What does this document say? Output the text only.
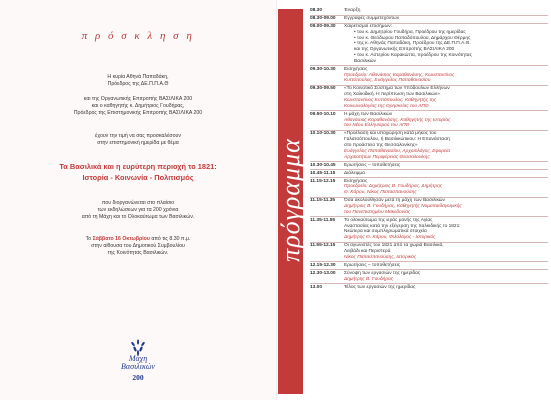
π ρ ό σ κ λ η σ η
Η κυρία Αθηνά Παπαδάκη,
Πρόεδρος της ΔΕ.Π.Π.Α.Θ
και της Οργανωτικής Επιτροπής ΒΑΣΙΛΙΚΑ 200
και ο καθηγητής κ. Δημήτριος Γουδήρας,
Πρόεδρος της Επιστημονικής Επιτροπής ΒΑΣΙΛΙΚΑ 200
έχουν την τιμή να σας προσκαλέσουν
στην επιστημονική ημερίδα με θέμα
Τα Βασιλικά και η ευρύτερη περιοχή το 1821:
Ιστορία - Κοινωνία - Πολιτισμός
που διοργανώνεται στο πλαίσιο
των εκδηλώσεων για τα 200 χρόνια
από τη Μάχη και το Ολοκαύτωμα των Βασιλικών.
Το Σάββατο 16 Οκτωβρίου από τις 8.30 π.μ.
στην αίθουσα του Δημοτικού Συμβουλίου
της Κοινότητας Βασιλικών.
Μάχη
Βασιλικών
200
πρόγραμμα
08.30	Έναρξη
08.30-09.00	Εγγραφές συμμετεχόντων
09.00-09.30	Χαιρετισμοί επισήμων:
• του κ. Δημητρίου Γουδήρα, Προέδρου της ημερίδας
• του κ. Θεόδωρου Παπαδόπουλου, Δημάρχου Θέρμης
• της κ. Αθηνάς Παπαδάκη, Προέδρου της ΔΕ.Π.Π.Α.Θ.
και της Οργανωτικής Επιτροπής ΒΑΣΙΛΙΚΑ 200
• του κ. Αστερίου Καρακώττα, προέδρου της Κοινότητας
Βασιλικών
09.30-10.30	Εισηγήσεις
Προεδρείο: Αθανάσιος Καραθανάσης, Κωνσταντίνος
Κυττόπουλος, Ευάγγελος Παπαθανασίου
09.30-09.50	«Το Κοινοτικό Σύστημα των Υπόδουλων Ελλήνων
στη Χαλκιδική. Η περίπτωση των Βασιλικών»
Κωνσταντίνος Κυττόπουλος, Καθηγητής της
Κοινωνιολογίας της Θρησκείας του ΑΠΘ
09.50-10.10	Η μάχη των Βασιλικών
Αθανάσιος Καραθανάσης, Καθηγητής της Ιστορίας
του Νέου Ελληνισμού του ΑΠΘ
10.10-10.30	«Προέλαση και υποχώρηση κατά μήκος του
Γαλατσόπουλου, ή Βασιλικώτικου: Η Επανάσταση
στο προάστειο της Θεσσαλονίκης»
Ευάγγελος Παπαθανασίου, Αρχαιολόγος, Εφορεία
Αρχαιοτήτων Περιφέρειας Θεσσαλονίκης
10.30-10.45	Ερωτήσεις – τοποθετήσεις
10.45-11.15	Διάλειμμα
11.15-12.15	Εισηγήσεις
Προεδρείο: Δημήτριος Β. Γουδήρας, Δημήτρης
Θ. Κάρου, Νίκος Παπασπανούσης
11.15-11.35	Όσα ακολούθησαν μετά τη μάχη των Βασιλικών
Δημήτριος Β. Γουδήρας, Καθηγητής Νομοπαιδαγωγικής
του Πανεπιστημίου Μακεδονίας
11.35-11.55	Το ολοκαύτωμα της ιεράς μονής της Αγίας
Αναστασίας κατά την εξέγερση της Χαλκιδικής το 1821:
Νεώτερα και συμπληρωματικά στοιχεία
Δημήτρης Θ. Κάρου, Φιλόλογος - Ιστορικός
11.55-12.15	Οι αγωνιστές του 1821 από τα χωριά Βασιλικά,
Λειβάδι και Περιστερά
Νίκος Παπασπανούσης, Ιστορικός
12.15-12.30	Ερωτήσεις – τοποθετήσεις
12.30-13.00	Σύνοψη των εργασιών της ημερίδας
Δημήτρης Β. Γουδήρας
13.00	Τέλος των εργασιών της ημερίδας
